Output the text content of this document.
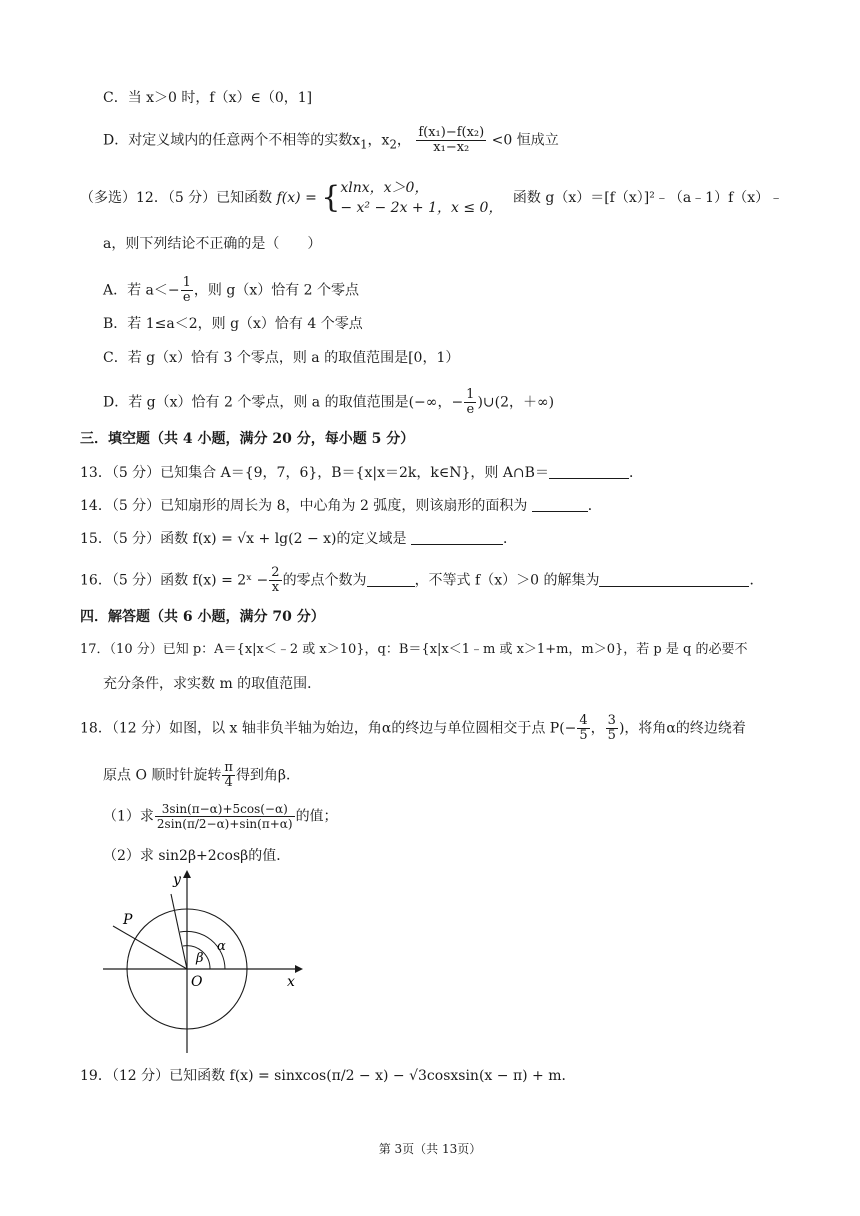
C．当 x＞0 时，f（x）∈（0，1]
D．对定义域内的任意两个不相等的实数$x_1$，$x_2$， $\frac{\text{f(x₁)−f(x₂)}}{\text{x₁−x₂}} <0$ 恒成立
（多选）12．（5 分）已知函数 f(x) = { xlnx，x＞0，
− x² − 2x + 1，x ≤ 0，
函数 g（x）＝[f（x）]²﹣（a﹣1）f（x）﹣
a，则下列结论不正确的是（　　）
A．若 $a<- \frac{1}{e}$ ，则 g（x）恰有 2 个零点
B．若 1≤a＜2，则 g（x）恰有 4 个零点
C．若 g（x）恰有 3 个零点，则 a 的取值范围是[0，1）
D．若 g（x）恰有 2 个零点，则 a 的取值范围是(−∞，− $\frac{1}{e}$ )∪(2，＋∞)
三．填空题（共 4 小题，满分 20 分，每小题 5 分）
13．（5 分）已知集合 A＝{9，7，6}，B＝{x|x＝2k，k∈N}，则 A∩B＝	．
14．（5 分）已知扇形的周长为 8，中心角为 2 弧度，则该扇形的面积为	．
15．（5 分）函数 f(x) = √x + lg(2 − x)的定义域是	．
16．（5 分）函数 f(x) = 2ˣ − $\frac{2}{x}$ 的零点个数为	，不等式 f（x）＞0 的解集为	．
四．解答题（共 6 小题，满分 70 分）
17．（10 分）已知 p：A＝{x|x＜﹣2 或 x＞10}，q：B＝{x|x＜1﹣m 或 x＞1+m，m＞0}，若 p 是 q 的必要不
充分条件，求实数 m 的取值范围．
18．（12 分）如图，以 x 轴非负半轴为始边，角α的终边与单位圆相交于点 $P(- \frac{4}{5}$ ， $\frac{3}{5}$ )，将角α的终边绕着
原点 O 顺时针旋转 $\frac{\pi}{4}$ 得到角β．
（1）求 $\frac{3\sin(\pi-\alpha)+5\cos(-\alpha)}{2\sin(\pi/2-\alpha)+\sin(\pi+\alpha)}$ 的值；
（2）求 sin2β+2cosβ的值．
y
x
O
P
α
β
19．（12 分）已知函数 f(x) = sinxcos(π/2 − x) − √3cosxsin(x − π) + m．
第 3页（共 13页）
